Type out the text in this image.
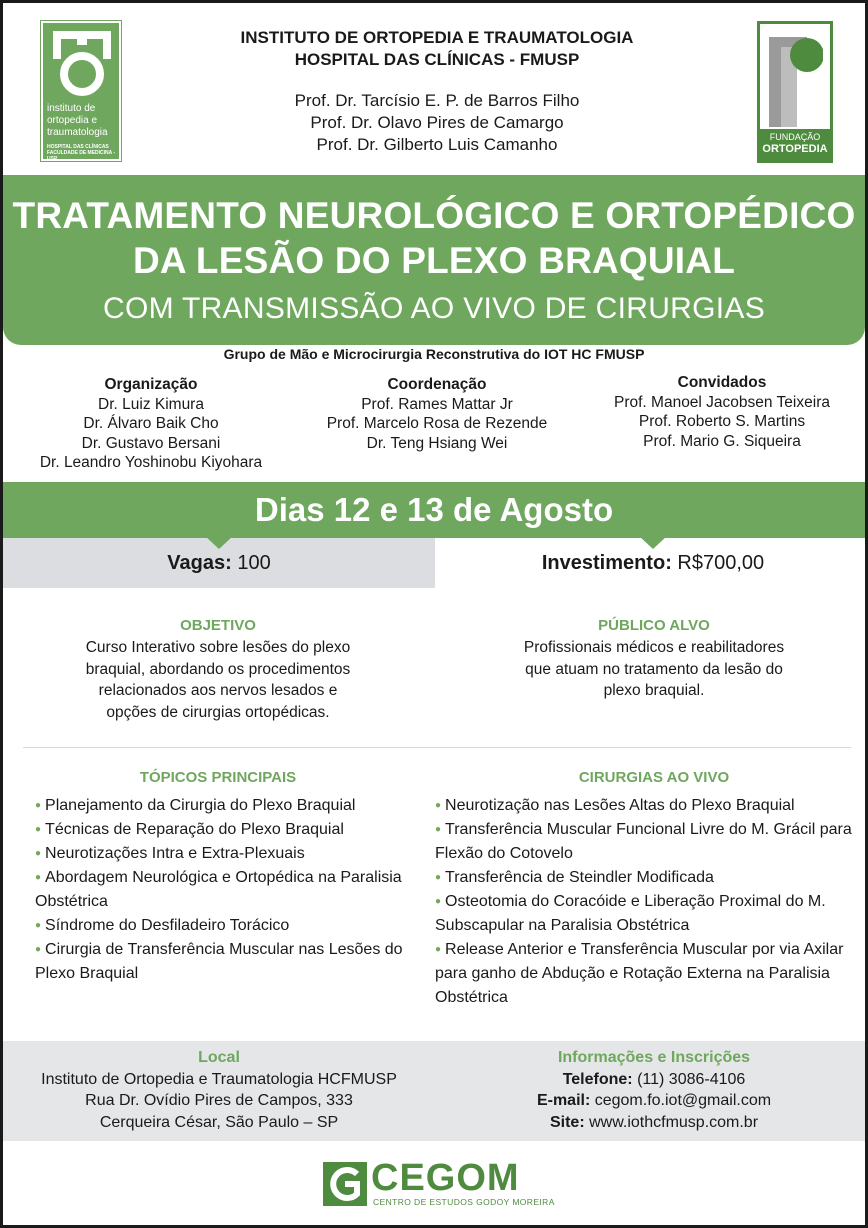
instituto de ortopedia e traumatologia
HOSPITAL DAS CLÍNICAS FACULDADE DE MEDICINA - USP
INSTITUTO DE ORTOPEDIA E TRAUMATOLOGIA
HOSPITAL DAS CLÍNICAS - FMUSP
Prof. Dr. Tarcísio E. P. de Barros Filho
Prof. Dr. Olavo Pires de Camargo
Prof. Dr. Gilberto Luis Camanho	FUNDAÇÃO
ORTOPEDIA
TRATAMENTO NEUROLÓGICO E ORTOPÉDICO
DA LESÃO DO PLEXO BRAQUIAL
COM TRANSMISSÃO AO VIVO DE CIRURGIAS
Grupo de Mão e Microcirurgia Reconstrutiva do IOT HC FMUSP
Organização
Dr. Luiz Kimura
Dr. Álvaro Baik Cho
Dr. Gustavo Bersani
Dr. Leandro Yoshinobu Kiyohara
Coordenação
Prof. Rames Mattar Jr
Prof. Marcelo Rosa de Rezende
Dr. Teng Hsiang Wei
Convidados
Prof. Manoel Jacobsen Teixeira
Prof. Roberto S. Martins
Prof. Mario G. Siqueira
Dias 12 e 13 de Agosto
Vagas: 100	Investimento: R$700,00
OBJETIVO
Curso Interativo sobre lesões do plexo
braquial, abordando os procedimentos
relacionados aos nervos lesados e
opções de cirurgias ortopédicas.
PÚBLICO ALVO
Profissionais médicos e reabilitadores
que atuam no tratamento da lesão do
plexo braquial.
TÓPICOS PRINCIPAIS
● Planejamento da Cirurgia do Plexo Braquial
● Técnicas de Reparação do Plexo Braquial
● Neurotizações Intra e Extra-Plexuais
● Abordagem Neurológica e Ortopédica na Paralisia Obstétrica
● Síndrome do Desfiladeiro Torácico
● Cirurgia de Transferência Muscular nas Lesões do Plexo Braquial
CIRURGIAS AO VIVO
● Neurotização nas Lesões Altas do Plexo Braquial
● Transferência Muscular Funcional Livre do M. Grácil para Flexão do Cotovelo
● Transferência de Steindler Modificada
● Osteotomia do Coracóide e Liberação Proximal do M. Subscapular na Paralisia Obstétrica
● Release Anterior e Transferência Muscular por via Axilar para ganho de Abdução e Rotação Externa na Paralisia Obstétrica
Local
Instituto de Ortopedia e Traumatologia HCFMUSP
Rua Dr. Ovídio Pires de Campos, 333
Cerqueira César, São Paulo – SP
Informações e Inscrições
Telefone: (11) 3086-4106
E-mail: cegom.fo.iot@gmail.com
Site: www.iothcfmusp.com.br
CEGOM
CENTRO DE ESTUDOS GODOY MOREIRA
